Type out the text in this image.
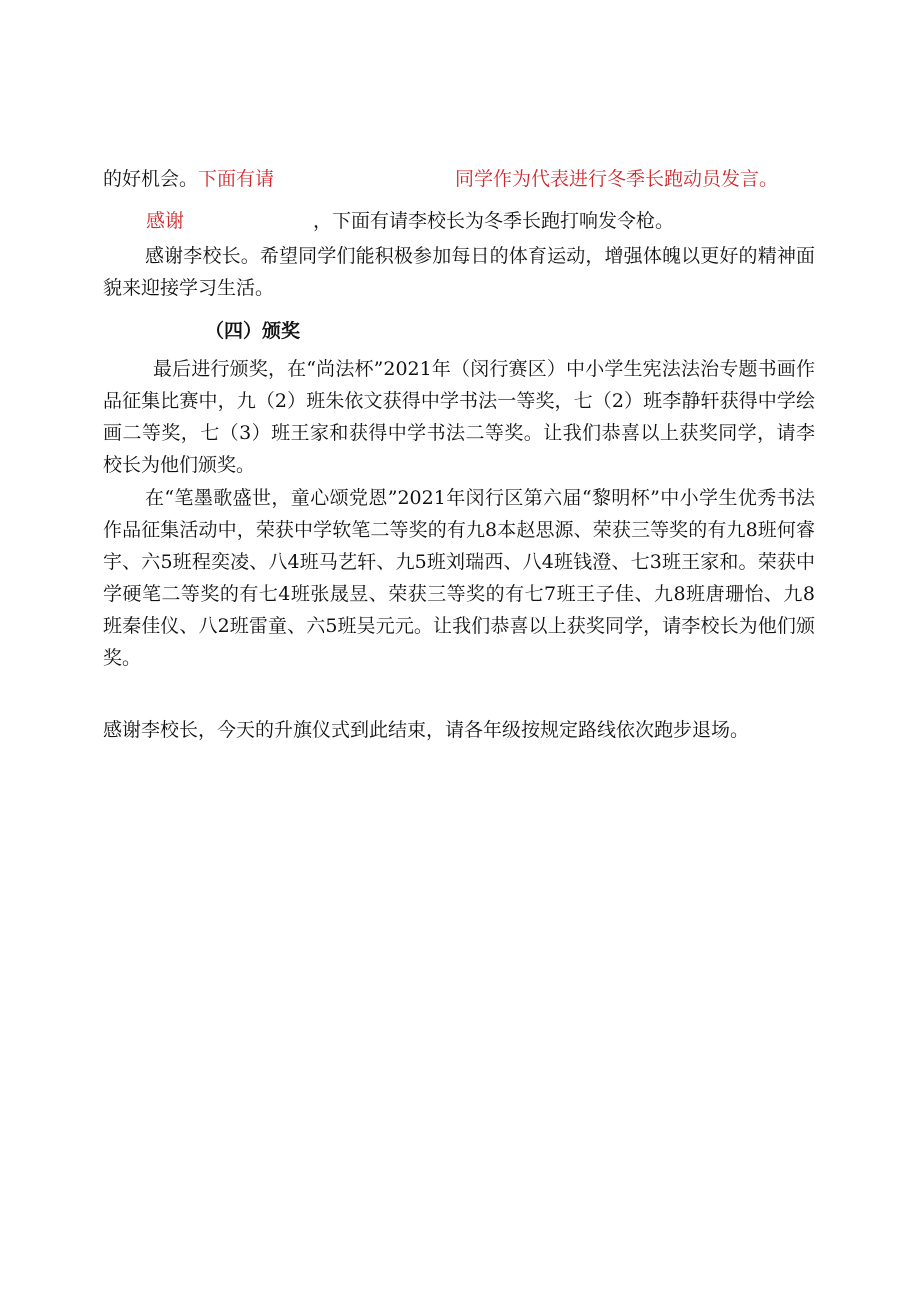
的好机会。下面有请	同学作为代表进行冬季长跑动员发言。
感谢	，下面有请李校长为冬季长跑打响发令枪。
感谢李校长。希望同学们能积极参加每日的体育运动，增强体魄以更好的精神面貌来迎接学习生活。
（四）颁奖
最后进行颁奖，在“尚法杯”2021年（闵行赛区）中小学生宪法法治专题书画作品征集比赛中，九（2）班朱依文获得中学书法一等奖，七（2）班李静轩获得中学绘画二等奖，七（3）班王家和获得中学书法二等奖。让我们恭喜以上获奖同学，请李校长为他们颁奖。
在“笔墨歌盛世，童心颂党恩”2021年闵行区第六届“黎明杯”中小学生优秀书法作品征集活动中，荣获中学软笔二等奖的有九8本赵思源、荣获三等奖的有九8班何睿宇、六5班程奕凌、八4班马艺轩、九5班刘瑞西、八4班钱澄、七3班王家和。荣获中学硬笔二等奖的有七4班张晟昱、荣获三等奖的有七7班王子佳、九8班唐珊怡、九8班秦佳仪、八2班雷童、六5班吴元元。让我们恭喜以上获奖同学，请李校长为他们颁奖。
感谢李校长，今天的升旗仪式到此结束，请各年级按规定路线依次跑步退场。
